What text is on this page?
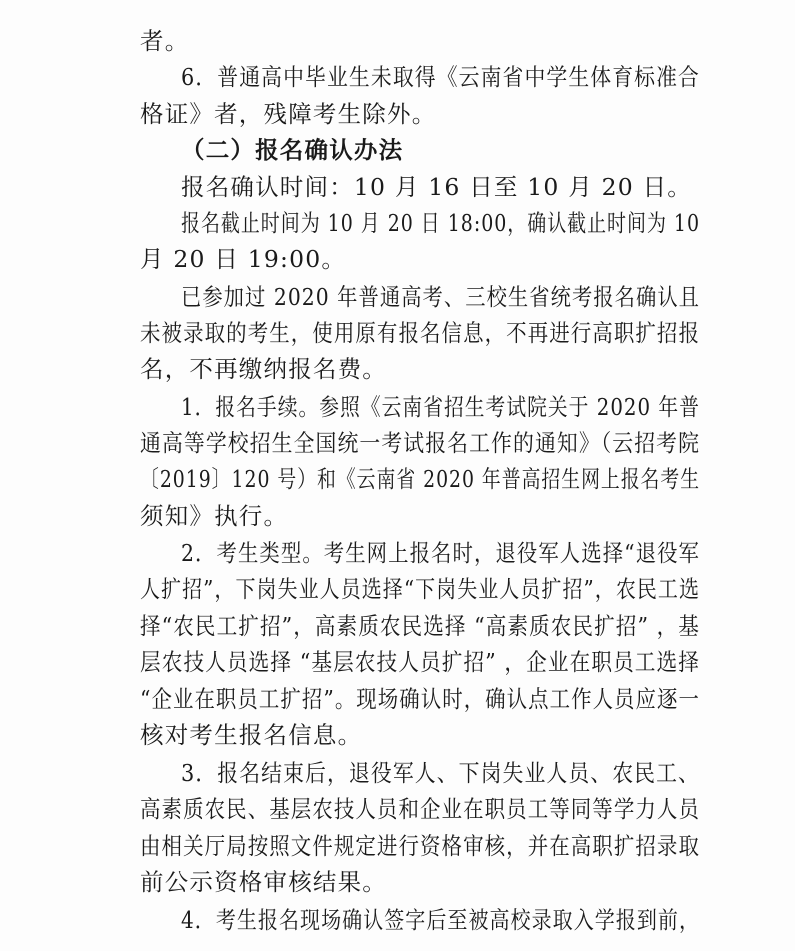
者。
6．普通高中毕业生未取得《云南省中学生体育标准合
格证》者，残障考生除外。
（二）报名确认办法
报名确认时间：10 月 16 日至 10 月 20 日。
报名截止时间为 10 月 20 日 18:00，确认截止时间为 10
月 20 日 19:00。
已参加过 2020 年普通高考、三校生省统考报名确认且
未被录取的考生，使用原有报名信息，不再进行高职扩招报
名，不再缴纳报名费。
1．报名手续。参照《云南省招生考试院关于 2020 年普
通高等学校招生全国统一考试报名工作的通知》（云招考院
〔2019〕120 号）和《云南省 2020 年普高招生网上报名考生
须知》执行。
2．考生类型。考生网上报名时，退役军人选择“退役军
人扩招”，下岗失业人员选择“下岗失业人员扩招”，农民工选
择“农民工扩招”，高素质农民选择 “高素质农民扩招” ，基
层农技人员选择 “基层农技人员扩招” ，企业在职员工选择
“企业在职员工扩招”。现场确认时，确认点工作人员应逐一
核对考生报名信息。
3．报名结束后，退役军人、下岗失业人员、农民工、
高素质农民、基层农技人员和企业在职员工等同等学力人员
由相关厅局按照文件规定进行资格审核，并在高职扩招录取
前公示资格审核结果。
4．考生报名现场确认签字后至被高校录取入学报到前，
